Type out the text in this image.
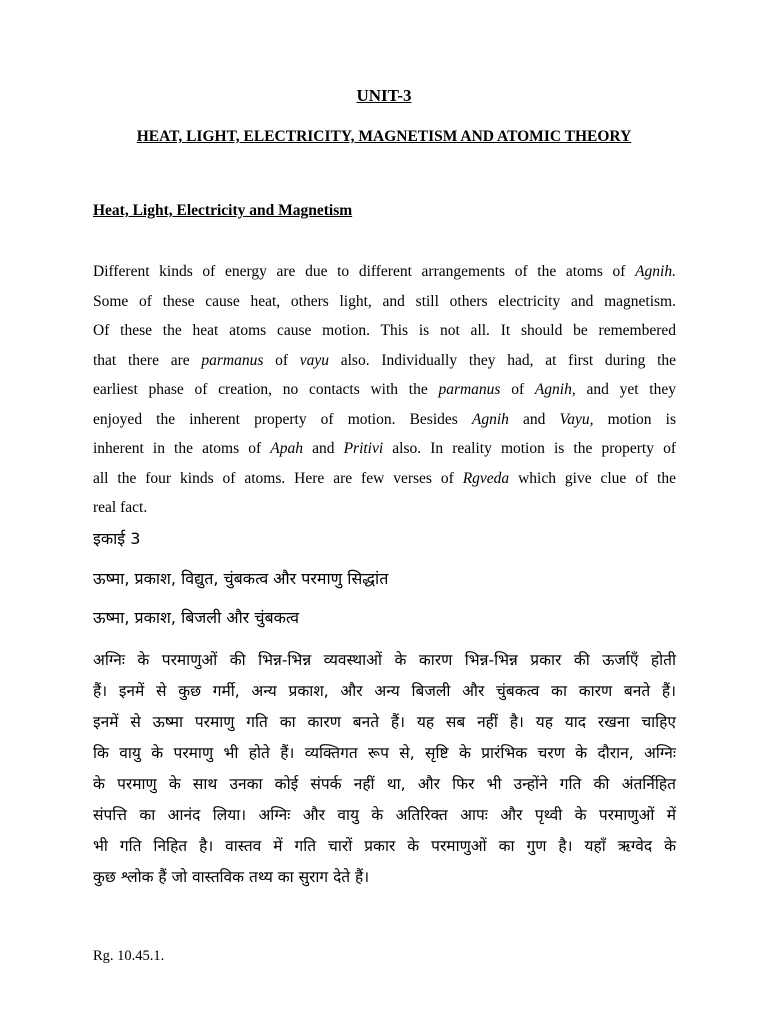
UNIT-3
HEAT, LIGHT, ELECTRICITY, MAGNETISM AND ATOMIC THEORY
Heat, Light, Electricity and Magnetism
Different kinds of energy are due to different arrangements of the atoms of Agnih.
Some of these cause heat, others light, and still others electricity and magnetism.
Of these the heat atoms cause motion. This is not all. It should be remembered
that there are parmanus of vayu also. Individually they had, at first during the
earliest phase of creation, no contacts with the parmanus of Agnih, and yet they
enjoyed the inherent property of motion. Besides Agnih and Vayu, motion is
inherent in the atoms of Apah and Pritivi also. In reality motion is the property of
all the four kinds of atoms. Here are few verses of Rgveda which give clue of the
real fact.
इकाई 3
ऊष्मा, प्रकाश, विद्युत, चुंबकत्व और परमाणु सिद्धांत
ऊष्मा, प्रकाश, बिजली और चुंबकत्व
अग्निः के परमाणुओं की भिन्न-भिन्न व्यवस्थाओं के कारण भिन्न-भिन्न प्रकार की ऊर्जाएँ होती
हैं। इनमें से कुछ गर्मी, अन्य प्रकाश, और अन्य बिजली और चुंबकत्व का कारण बनते हैं।
इनमें से ऊष्मा परमाणु गति का कारण बनते हैं। यह सब नहीं है। यह याद रखना चाहिए
कि वायु के परमाणु भी होते हैं। व्यक्तिगत रूप से, सृष्टि के प्रारंभिक चरण के दौरान, अग्निः
के परमाणु के साथ उनका कोई संपर्क नहीं था, और फिर भी उन्होंने गति की अंतर्निहित
संपत्ति का आनंद लिया। अग्निः और वायु के अतिरिक्त आपः और पृथ्वी के परमाणुओं में
भी गति निहित है। वास्तव में गति चारों प्रकार के परमाणुओं का गुण है। यहाँ ऋग्वेद के
कुछ श्लोक हैं जो वास्तविक तथ्य का सुराग देते हैं।
Rg. 10.45.1.
